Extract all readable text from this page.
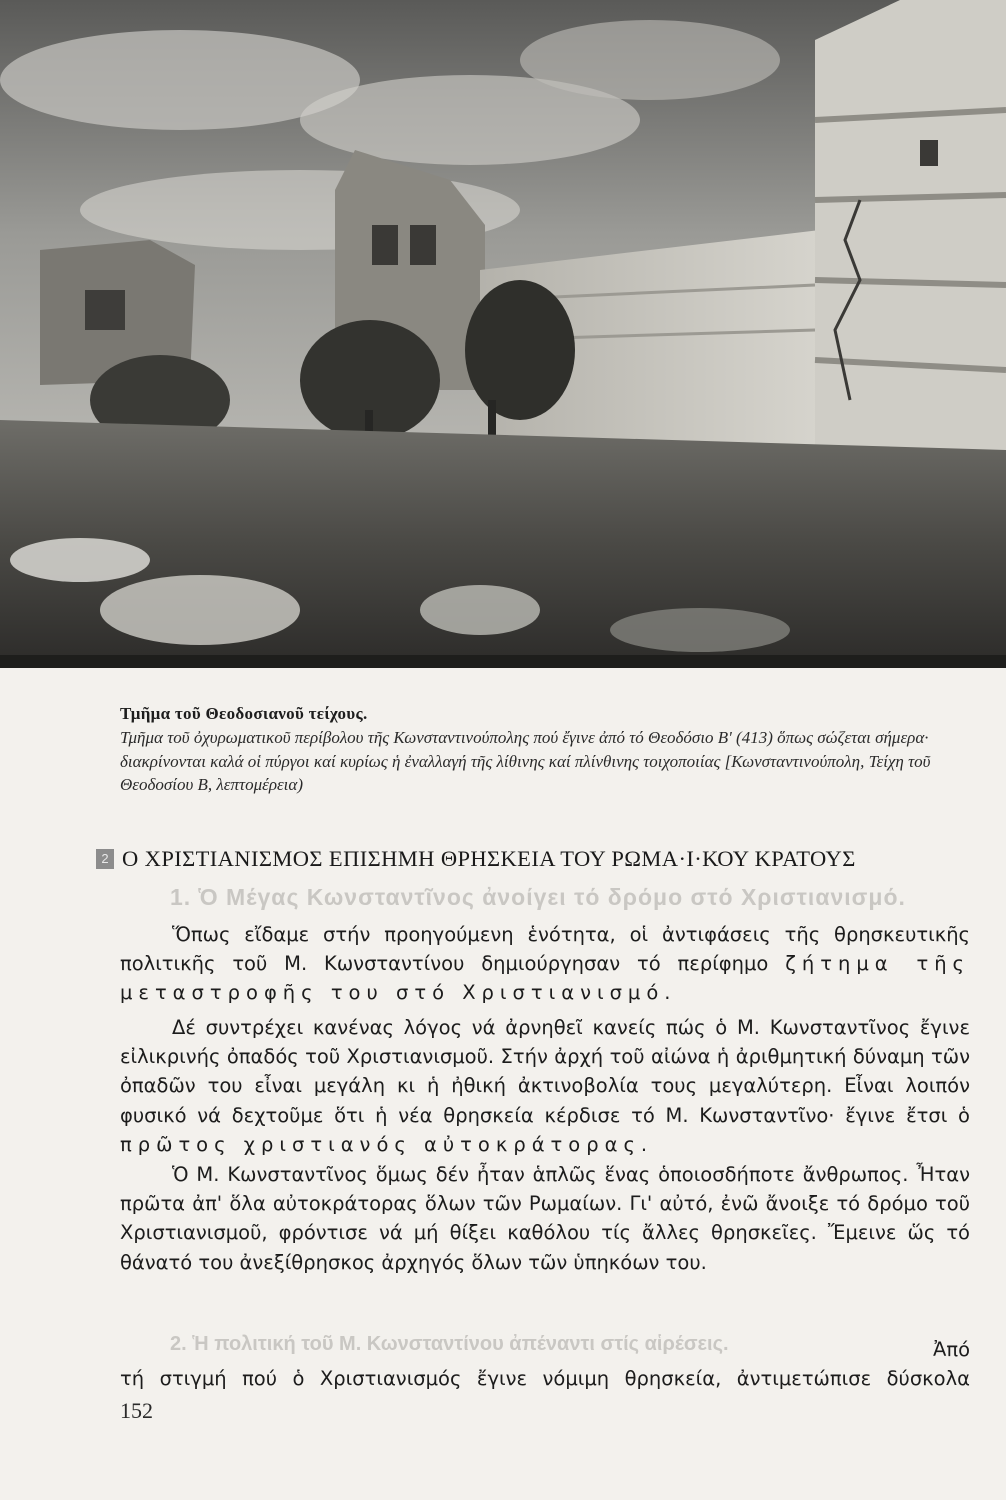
Τμῆμα τοῦ Θεοδοσιανοῦ τείχους.
Τμῆμα τοῦ ὀχυρωματικοῦ περίβολου τῆς Κωνσταντινούπολης πού ἔγινε ἀπό τό Θεοδόσιο Β' (413) ὅπως σώζεται σήμερα· διακρίνονται καλά οἱ πύργοι καί κυρίως ἡ ἐναλλαγή τῆς λίθινης καί πλίνθινης τοιχοποιίας [Κωνσταντινούπολη, Τείχη τοῦ Θεοδοσίου Β, λεπτομέρεια)
2 Ο ΧΡΙΣΤΙΑΝΙΣΜΟΣ ΕΠΙΣΗΜΗ ΘΡΗΣΚΕΙΑ ΤΟΥ ΡΩΜΑ·Ι·ΚΟΥ ΚΡΑΤΟΥΣ
1. Ὁ Μέγας Κωνσταντῖνος ἀνοίγει τό δρόμο στό Χριστιανισμό.
Ὅπως εἴδαμε στήν προηγούμενη ἑνότητα, οἱ ἀντιφάσεις τῆς θρησκευτικῆς πολιτικῆς τοῦ Μ. Κωνσταντίνου δημιούργησαν τό περίφημο ζήτημα τῆς μεταστροφῆς του στό Χριστιανισμό.
Δέ συντρέχει κανένας λόγος νά ἀρνηθεῖ κανείς πώς ὁ Μ. Κωνσταντῖνος ἔγινε εἰλικρινής ὀπαδός τοῦ Χριστιανισμοῦ. Στήν ἀρχή τοῦ αἰώνα ἡ ἀριθμητική δύναμη τῶν ὀπαδῶν του εἶναι μεγάλη κι ἡ ἠθική ἀκτινοβολία τους μεγαλύτερη. Εἶναι λοιπόν φυσικό νά δεχτοῦμε ὅτι ἡ νέα θρησκεία κέρδισε τό Μ. Κωνσταντῖνο· ἔγινε ἔτσι ὁ πρῶτος χριστιανός αὐτοκράτορας.
Ὁ Μ. Κωνσταντῖνος ὅμως δέν ἦταν ἁπλῶς ἕνας ὁποιοσδήποτε ἄνθρωπος. Ἦταν πρῶτα ἀπ' ὅλα αὐτοκράτορας ὅλων τῶν Ρωμαίων. Γι' αὐτό, ἐνῶ ἄνοιξε τό δρόμο τοῦ Χριστιανισμοῦ, φρόντισε νά μή θίξει καθόλου τίς ἄλλες θρησκεῖες. Ἔμεινε ὥς τό θάνατό του ἀνεξίθρησκος ἀρχηγός ὅλων τῶν ὑπηκόων του.
2. Ἡ πολιτική τοῦ Μ. Κωνσταντίνου ἀπέναντι στίς αἱρέσεις.	Ἀπό
τή στιγμή πού ὁ Χριστιανισμός ἔγινε νόμιμη θρησκεία, ἀντιμετώπισε δύσκολα
152
